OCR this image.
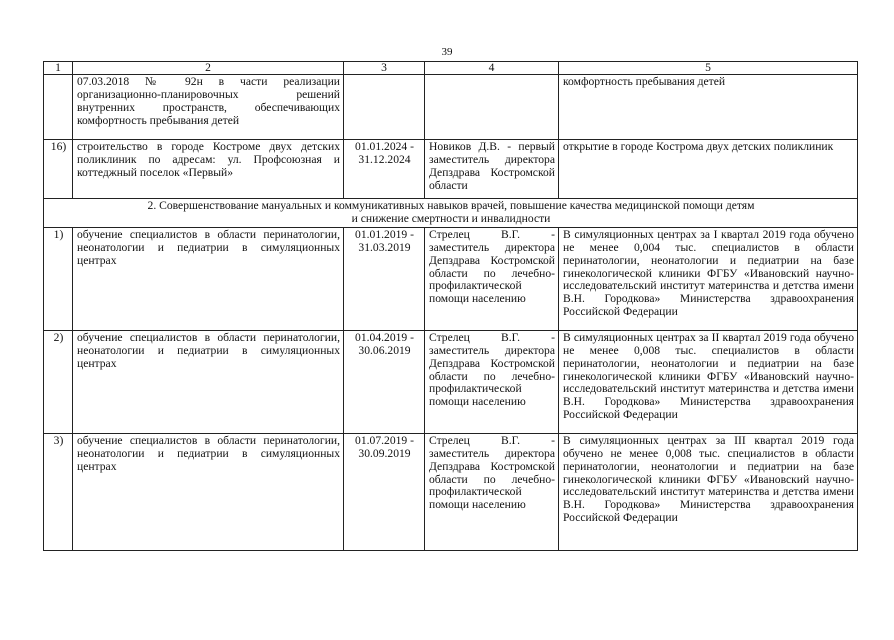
39
1	2	3	4	5
	07.03.2018 № 92н в части реализации организационно-планировочных решений внутренних пространств, обеспечивающих комфортность пребывания детей			комфортность пребывания детей
16)	строительство в городе Костроме двух детских поликлиник по адресам: ул. Профсоюзная и коттеджный поселок «Первый»	01.01.2024 - 31.12.2024	Новиков Д.В. - первый заместитель директора Депздрава Костромской области	открытие в городе Кострома двух детских поликлиник

2. Совершенствование мануальных и коммуникативных навыков врачей, повышение качества медицинской помощи детям
и снижение смертности и инвалидности				

1)	обучение специалистов в области перинатологии, неонатологии и педиатрии в симуляционных центрах	01.01.2019 - 31.03.2019	Стрелец В.Г. - заместитель директора Депздрава Костромской области по лечебно-профилактической помощи населению	В симуляционных центрах за I квартал 2019 года обучено не менее 0,004 тыс. специалистов в области перинатологии, неонатологии и педиатрии на базе гинекологической клиники ФГБУ «Ивановский научно-исследовательский институт материнства и детства имени В.Н. Городкова» Министерства здравоохранения Российской Федерации
2)	обучение специалистов в области перинатологии, неонатологии и педиатрии в симуляционных центрах	01.04.2019 - 30.06.2019	Стрелец В.Г. - заместитель директора Депздрава Костромской области по лечебно-профилактической помощи населению	В симуляционных центрах за II квартал 2019 года обучено не менее 0,008 тыс. специалистов в области перинатологии, неонатологии и педиатрии на базе гинекологической клиники ФГБУ «Ивановский научно-исследовательский институт материнства и детства имени В.Н. Городкова» Министерства здравоохранения Российской Федерации
3)	обучение специалистов в области перинатологии, неонатологии и педиатрии в симуляционных центрах	01.07.2019 - 30.09.2019	Стрелец В.Г. - заместитель директора Депздрава Костромской области по лечебно-профилактической помощи населению	В симуляционных центрах за III квартал 2019 года обучено не менее 0,008 тыс. специалистов в области перинатологии, неонатологии и педиатрии на базе гинекологической клиники ФГБУ «Ивановский научно-исследовательский институт материнства и детства имени В.Н. Городкова» Министерства здравоохранения Российской Федерации
